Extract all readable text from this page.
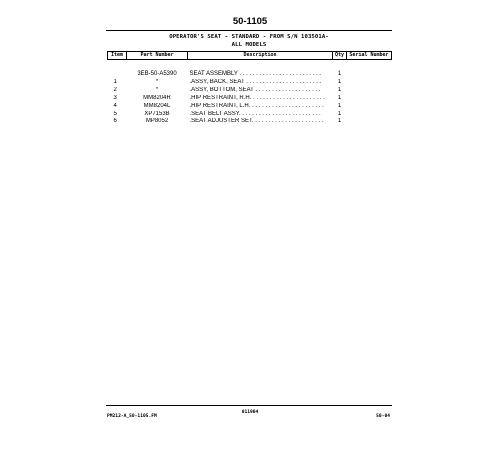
50-1105
OPERATOR'S SEAT - STANDARD - FROM S/N 103501A-
ALL MODELS
Item	Part Number	Description	Qty	Serial Number
	3EB-50-A5390	SEAT ASSEMBLY . . . . . . . . . . . . . . . . . . . . . . . . .	1	
1	*	.ASSY, BACK, SEAT . . . . . . . . . . . . . . . . . . . . . . .	1	
2	*	.ASSY, BOTTOM, SEAT . . . . . . . . . . . . . . . . . . . .	1	
3	MM8204R	.HIP RESTRAINT, R.H. . . . . . . . . . . . . . . . . . . . . . .	1	
4	MM8204L	.HIP RESTRAINT, L.H. . . . . . . . . . . . . . . . . . . . . . .	1	
5	XP7153B	.SEAT BELT ASSY. . . . . . . . . . . . . . . . . . . . . . . . .	1	
6	MP8052	.SEAT ADJUSTER SET. . . . . . . . . . . . . . . . . . . . . .	1	
PM212-A_50-1105.FM
011904
50-04
